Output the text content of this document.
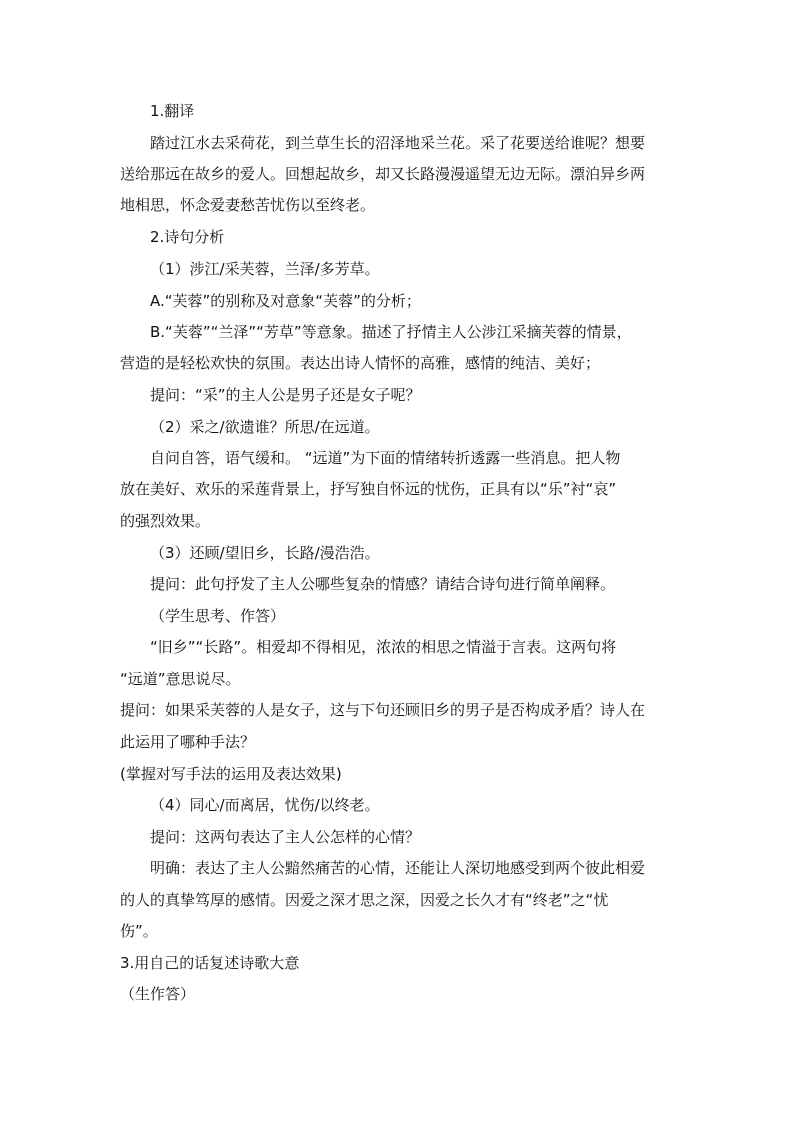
1.翻译
踏过江水去采荷花，到兰草生长的沼泽地采兰花。采了花要送给谁呢？想要
送给那远在故乡的爱人。回想起故乡，却又长路漫漫遥望无边无际。漂泊异乡两
地相思，怀念爱妻愁苦忧伤以至终老。
2.诗句分析
（1）涉江/采芙蓉，兰泽/多芳草。
A.“芙蓉”的别称及对意象“芙蓉”的分析；
B.“芙蓉”“兰泽”“芳草”等意象。描述了抒情主人公涉江采摘芙蓉的情景，
营造的是轻松欢快的氛围。表达出诗人情怀的高雅，感情的纯洁、美好；
提问：“采”的主人公是男子还是女子呢？
（2）采之/欲遗谁？所思/在远道。
自问自答，语气缓和。 “远道”为下面的情绪转折透露一些消息。把人物
放在美好、欢乐的采莲背景上，抒写独自怀远的忧伤，正具有以“乐”衬“哀”
的强烈效果。
（3）还顾/望旧乡，长路/漫浩浩。
提问：此句抒发了主人公哪些复杂的情感？请结合诗句进行简单阐释。
（学生思考、作答）
“旧乡”“长路”。相爱却不得相见，浓浓的相思之情溢于言表。这两句将
“远道”意思说尽。
提问：如果采芙蓉的人是女子，这与下句还顾旧乡的男子是否构成矛盾？诗人在
此运用了哪种手法？
(掌握对写手法的运用及表达效果)
（4）同心/而离居，忧伤/以终老。
提问：这两句表达了主人公怎样的心情？
明确：表达了主人公黯然痛苦的心情，还能让人深切地感受到两个彼此相爱
的人的真挚笃厚的感情。因爱之深才思之深，因爱之长久才有“终老”之“忧
伤”。
3.用自己的话复述诗歌大意
（生作答）
